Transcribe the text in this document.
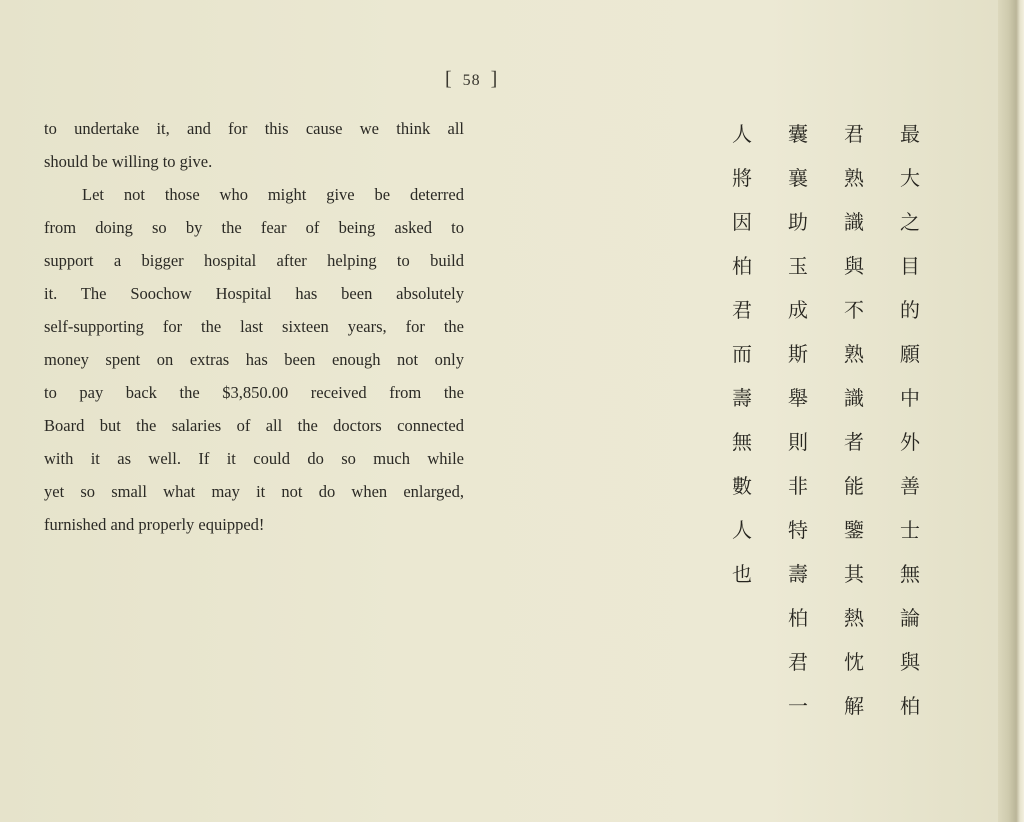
[ 58 ]
to undertake it, and for this cause we think all
should be willing to give.
Let not those who might give be deterred
from doing so by the fear of being asked to
support a bigger hospital after helping to build
it. The Soochow Hospital has been absolutely
self-supporting for the last sixteen years, for the
money spent on extras has been enough not only
to pay back the $3,850.00 received from the
Board but the salaries of all the doctors connected
with it as well. If it could do so much while
yet so small what may it not do when enlarged,
furnished and properly equipped!
最
大
之
目
的
願
中
外
善
士
無
論
與
柏
君
熟
識
與
不
熟
識
者
能
鑒
其
熱
忱
解
囊
襄
助
玉
成
斯
舉
則
非
特
壽
柏
君
一
人
將
因
柏
君
而
壽
無
數
人
也
